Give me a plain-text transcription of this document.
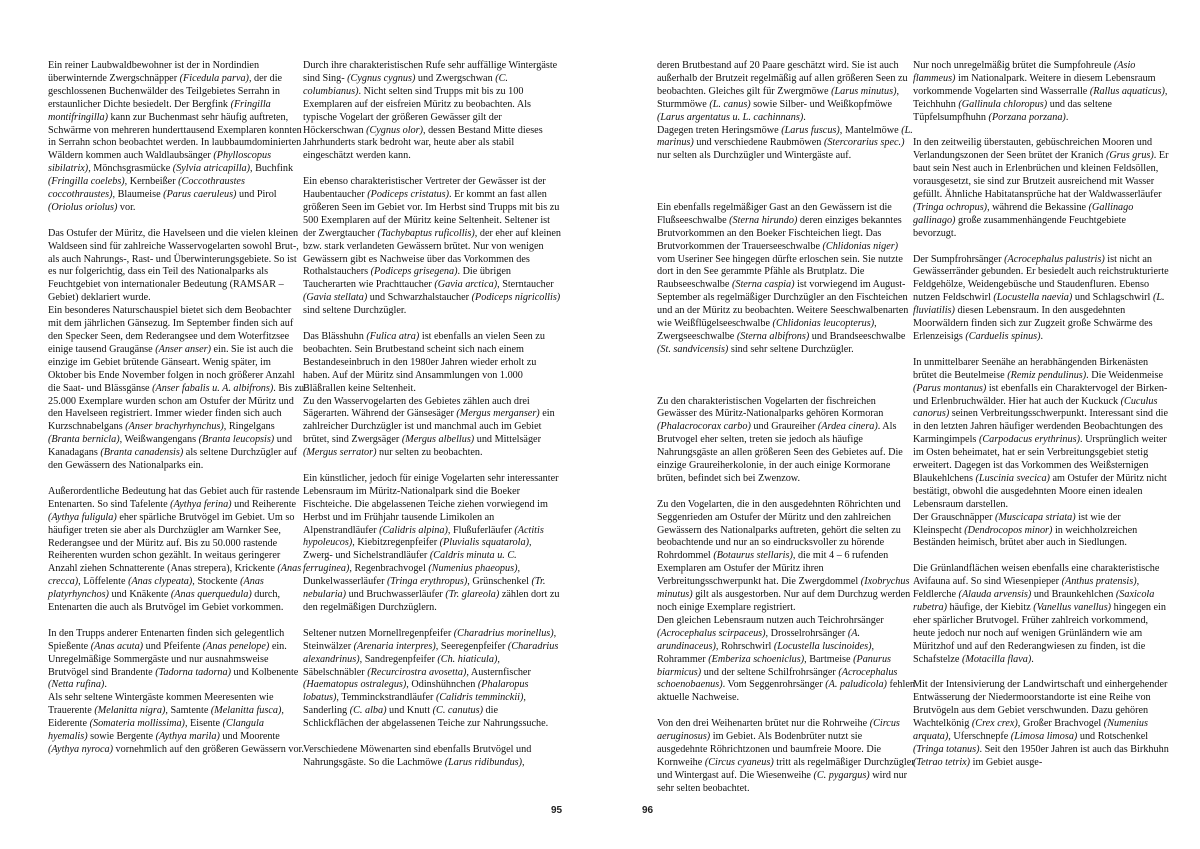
Ein reiner Laubwaldbewohner ist der in Nordindien überwinternde Zwergschnäpper (Ficedula parva), der die geschlossenen Buchenwälder des Teilgebietes Serrahn in erstaunlicher Dichte besiedelt. Der Bergfink (Fringilla montifringilla) kann zur Buchenmast sehr häufig auftreten, Schwärme von mehreren hunderttausend Exemplaren konnten in Serrahn schon beobachtet werden. In laubbaumdominierten Wäldern kommen auch Waldlaubsänger (Phylloscopus sibilatrix), Mönchsgrasmücke (Sylvia atricapilla), Buchfink (Fringilla coelebs), Kernbeißer (Coccothraustes coccothraustes), Blaumeise (Parus caeruleus) und Pirol (Oriolus oriolus) vor.

Das Ostufer der Müritz, die Havelseen und die vielen kleinen Waldseen sind für zahlreiche Wasservogelarten sowohl Brut-, als auch Nahrungs-, Rast- und Überwinterungsgebiete. So ist es nur folgerichtig, dass ein Teil des Nationalparks als Feuchtgebiet von internationaler Bedeutung (RAMSAR – Gebiet) deklariert wurde.
Ein besonderes Naturschauspiel bietet sich dem Beobachter mit dem jährlichen Gänsezug. Im September finden sich auf den Specker Seen, dem Rederangsee und dem Woterfitzsee einige tausend Graugänse (Anser anser) ein. Sie ist auch die einzige im Gebiet brütende Gänseart. Wenig später, im Oktober bis Ende November folgen in noch größerer Anzahl die Saat- und Blässgänse (Anser fabalis u. A. albifrons). Bis zu 25.000 Exemplare wurden schon am Ostufer der Müritz und den Havelseen registriert. Immer wieder finden sich auch Kurzschnabelgans (Anser brachyrhynchus), Ringelgans (Branta bernicla), Weißwangengans (Branta leucopsis) und Kanadagans (Branta canadensis) als seltene Durchzügler auf den Gewässern des Nationalparks ein.

Außerordentliche Bedeutung hat das Gebiet auch für rastende Entenarten. So sind Tafelente (Aythya ferina) und Reiherente (Aythya fuligula) eher spärliche Brutvögel im Gebiet. Um so häufiger treten sie aber als Durchzügler am Warnker See, Rederangsee und der Müritz auf. Bis zu 50.000 rastende Reiherenten wurden schon gezählt. In weitaus geringerer Anzahl ziehen Schnatterente (Anas strepera), Krickente (Anas crecca), Löffelente (Anas clypeata), Stockente (Anas platyrhynchos) und Knäkente (Anas querquedula) durch, Entenarten die auch als Brutvögel im Gebiet vorkommen.

In den Trupps anderer Entenarten finden sich gelegentlich Spießente (Anas acuta) und Pfeifente (Anas penelope) ein. Unregelmäßige Sommergäste und nur ausnahmsweise Brutvögel sind Brandente (Tadorna tadorna) und Kolbenente (Netta rufina).
Als sehr seltene Wintergäste kommen Meeresenten wie Trauerente (Melanitta nigra), Samtente (Melanitta fusca), Eiderente (Somateria mollissima), Eisente (Clangula hyemalis) sowie Bergente (Aythya marila) und Moorente (Aythya nyroca) vornehmlich auf den größeren Gewässern vor.

Durch ihre charakteristischen Rufe sehr auffällige Wintergäste sind Sing- (Cygnus cygnus) und Zwergschwan (C. columbianus). Nicht selten sind Trupps mit bis zu 100 Exemplaren auf der eisfreien Müritz zu beobachten. Als typische Vogelart der größeren Gewässer gilt der Höckerschwan (Cygnus olor), dessen Bestand Mitte dieses Jahrhunderts stark bedroht war, heute aber als stabil eingeschätzt werden kann.

Ein ebenso charakteristischer Vertreter der Gewässer ist der Haubentaucher (Podiceps cristatus). Er kommt an fast allen größeren Seen im Gebiet vor. Im Herbst sind Trupps mit bis zu 500 Exemplaren auf der Müritz keine Seltenheit. Seltener ist der Zwergtaucher (Tachybaptus ruficollis), der eher auf kleinen bzw. stark verlandeten Gewässern brütet. Nur von wenigen Gewässern gibt es Nachweise über das Vorkommen des Rothalstauchers (Podiceps grisegena). Die übrigen Taucherarten wie Prachttaucher (Gavia arctica), Sterntaucher (Gavia stellata) und Schwarzhalstaucher (Podiceps nigricollis) sind seltene Durchzügler.

Das Blässhuhn (Fulica atra) ist ebenfalls an vielen Seen zu beobachten. Sein Brutbestand scheint sich nach einem Bestandeseinbruch in den 1980er Jahren wieder erholt zu haben. Auf der Müritz sind Ansammlungen von 1.000 Bläßrallen keine Seltenheit.
Zu den Wasservogelarten des Gebietes zählen auch drei Sägerarten. Während der Gänsesäger (Mergus merganser) ein zahlreicher Durchzügler ist und manchmal auch im Gebiet brütet, sind Zwergsäger (Mergus albellus) und Mittelsäger (Mergus serrator) nur selten zu beobachten.

Ein künstlicher, jedoch für einige Vogelarten sehr interessanter Lebensraum im Müritz-Nationalpark sind die Boeker Fischteiche. Die abgelassenen Teiche ziehen vorwiegend im Herbst und im Frühjahr tausende Limikolen an Alpenstrandläufer (Calidris alpina), Flußuferläufer (Actitis hypoleucos), Kiebitzregenpfeifer (Pluvialis squatarola), Zwerg- und Sichelstrandläufer (Caldris minuta u. C. ferruginea), Regenbrachvogel (Numenius phaeopus), Dunkelwasserläufer (Tringa erythropus), Grünschenkel (Tr. nebularia) und Bruchwasserläufer (Tr. glareola) zählen dort zu den regelmäßigen Durchzüglern.

Seltener nutzen Mornellregenpfeifer (Charadrius morinellus), Steinwälzer (Arenaria interpres), Seeregenpfeifer (Charadrius alexandrinus), Sandregenpfeifer (Ch. hiaticula), Säbelschnäbler (Recurcirostra avosetta), Austernfischer (Haematopus ostralegus), Odinshühnchen (Phalaropus lobatus), Temminckstrandläufer (Calidris temminckii), Sanderling (C. alba) und Knutt (C. canutus) die Schlickflächen der abgelassenen Teiche zur Nahrungssuche.

Verschiedene Möwenarten sind ebenfalls Brutvögel und Nahrungsgäste. So die Lachmöwe (Larus ridibundus),

deren Brutbestand auf 20 Paare geschätzt wird. Sie ist auch außerhalb der Brutzeit regelmäßig auf allen größeren Seen zu beobachten. Gleiches gilt für Zwergmöwe (Larus minutus), Sturmmöwe (L. canus) sowie Silber- und Weißkopfmöwe (Larus argentatus u. L. cachinnans).
Dagegen treten Heringsmöwe (Larus fuscus), Mantelmöwe (L. marinus) und verschiedene Raubmöwen (Stercorarius spec.) nur selten als Durchzügler und Wintergäste auf.

Ein ebenfalls regelmäßiger Gast an den Gewässern ist die Flußseeschwalbe (Sterna hirundo) deren einziges bekanntes Brutvorkommen an den Boeker Fischteichen liegt. Das Brutvorkommen der Trauerseeschwalbe (Chlidonias niger) vom Useriner See hingegen dürfte erloschen sein. Sie nutzte dort in den See gerammte Pfähle als Brutplatz. Die Raubseeschwalbe (Sterna caspia) ist vorwiegend im August-September als regelmäßiger Durchzügler an den Fischteichen und an der Müritz zu beobachten. Weitere Seeschwalbenarten wie Weißflügelseeschwalbe (Chlidonias leucopterus), Zwergseeschwalbe (Sterna albifrons) und Brandseeschwalbe (St. sandvicensis) sind sehr seltene Durchzügler.

Zu den charakteristischen Vogelarten der fischreichen Gewässer des Müritz-Nationalparks gehören Kormoran (Phalacrocorax carbo) und Graureiher (Ardea cinera). Als Brutvogel eher selten, treten sie jedoch als häufige Nahrungsgäste an allen größeren Seen des Gebietes auf. Die einzige Graureiherkolonie, in der auch einige Kormorane brüten, befindet sich bei Zwenzow.

Zu den Vogelarten, die in den ausgedehnten Röhrichten und Seggenrieden am Ostufer der Müritz und den zahlreichen Gewässern des Nationalparks auftreten, gehört die selten zu beobachtende und nur an so eindrucksvoller zu hörende Rohrdommel (Botaurus stellaris), die mit 4 – 6 rufenden Exemplaren am Ostufer der Müritz ihren Verbreitungsschwerpunkt hat. Die Zwergdommel (Ixobrychus minutus) gilt als ausgestorben. Nur auf dem Durchzug werden noch einige Exemplare registriert.
Den gleichen Lebensraum nutzen auch Teichrohrsänger (Acrocephalus scirpaceus), Drosselrohrsänger (A. arundinaceus), Rohrschwirl (Locustella luscinoides), Rohrammer (Emberiza schoeniclus), Bartmeise (Panurus biarmicus) und der seltene Schilfrohrsänger (Acrocephalus schoenobaenus). Vom Seggenrohrsänger (A. paludicola) fehlen aktuelle Nachweise.

Von den drei Weihenarten brütet nur die Rohrweihe (Circus aeruginosus) im Gebiet. Als Bodenbrüter nutzt sie ausgedehnte Röhrichtzonen und baumfreie Moore. Die Kornweihe (Circus cyaneus) tritt als regelmäßiger Durchzügler und Wintergast auf. Die Wiesenweihe (C. pygargus) wird nur sehr selten beobachtet.

Nur noch unregelmäßig brütet die Sumpfohreule (Asio flammeus) im Nationalpark. Weitere in diesem Lebensraum vorkommende Vogelarten sind Wasserralle (Rallus aquaticus), Teichhuhn (Gallinula chloropus) und das seltene Tüpfelsumpfhuhn (Porzana porzana).

In den zeitweilig überstauten, gebüschreichen Mooren und Verlandungszonen der Seen brütet der Kranich (Grus grus). Er baut sein Nest auch in Erlenbrüchen und kleinen Feldsöllen, vorausgesetzt, sie sind zur Brutzeit ausreichend mit Wasser gefüllt. Ähnliche Habitatansprüche hat der Waldwasserläufer (Tringa ochropus), während die Bekassine (Gallinago gallinago) große zusammenhängende Feuchtgebiete bevorzugt.

Der Sumpfrohrsänger (Acrocephalus palustris) ist nicht an Gewässerränder gebunden. Er besiedelt auch reichstrukturierte Feldgehölze, Weidengebüsche und Staudenfluren. Ebenso nutzen Feldschwirl (Locustella naevia) und Schlagschwirl (L. fluviatilis) diesen Lebensraum. In den ausgedehnten Moorwäldern finden sich zur Zugzeit große Schwärme des Erlenzeisigs (Carduelis spinus).

In unmittelbarer Seenähe an herabhängenden Birkenästen brütet die Beutelmeise (Remiz pendulinus). Die Weidenmeise (Parus montanus) ist ebenfalls ein Charaktervogel der Birken- und Erlenbruchwälder. Hier hat auch der Kuckuck (Cuculus canorus) seinen Verbreitungsschwerpunkt. Interessant sind die in den letzten Jahren häufiger werdenden Beobachtungen des Karmingimpels (Carpodacus erythrinus). Ursprünglich weiter im Osten beheimatet, hat er sein Verbreitungsgebiet stetig erweitert. Dagegen ist das Vorkommen des Weißsternigen Blaukehlchens (Luscinia svecica) am Ostufer der Müritz nicht bestätigt, obwohl die ausgedehnten Moore einen idealen Lebensraum darstellen.
Der Grauschnäpper (Muscicapa striata) ist wie der Kleinspecht (Dendrocopos minor) in weichholzreichen Beständen heimisch, brütet aber auch in Siedlungen.

Die Grünlandflächen weisen ebenfalls eine charakteristische Avifauna auf. So sind Wiesenpieper (Anthus pratensis), Feldlerche (Alauda arvensis) und Braunkehlchen (Saxicola rubetra) häufige, der Kiebitz (Vanellus vanellus) hingegen ein eher spärlicher Brutvogel. Früher zahlreich vorkommend, heute jedoch nur noch auf wenigen Grünländern wie am Müritzhof und auf den Rederangwiesen zu finden, ist die Schafstelze (Motacilla flava).

Mit der Intensivierung der Landwirtschaft und einhergehender Entwässerung der Niedermoorstandorte ist eine Reihe von Brutvögeln aus dem Gebiet verschwunden. Dazu gehören Wachtelkönig (Crex crex), Großer Brachvogel (Numenius arquata), Uferschnepfe (Limosa limosa) und Rotschenkel (Tringa totanus). Seit den 1950er Jahren ist auch das Birkhuhn (Tetrao tetrix) im Gebiet ausge-

95	96
